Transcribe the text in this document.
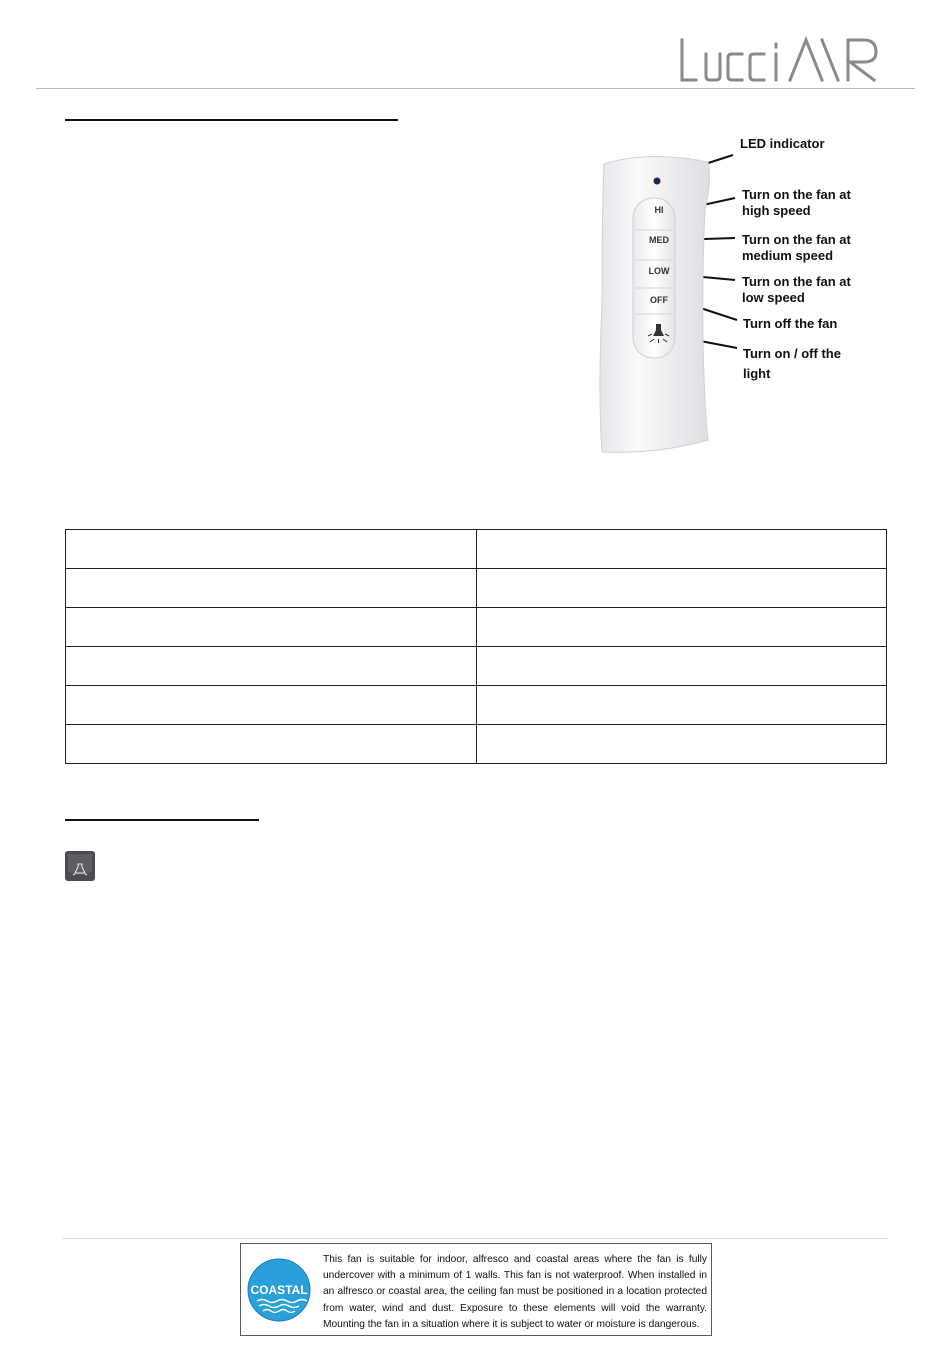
HI
MED
LOW
OFF
LED indicator
Turn on the fan at
high speed
Turn on the fan at
medium speed
Turn on the fan at
low speed
Turn off the fan
Turn on / off the
light

COASTAL

This fan is suitable for indoor, alfresco and coastal areas where the fan is fully undercover with a minimum of 1 walls. This fan is not waterproof. When installed in an alfresco or coastal area, the ceiling fan must be positioned in a location protected from water, wind and dust. Exposure to these elements will void the warranty. Mounting the fan in a situation where it is subject to water or moisture is dangerous.
